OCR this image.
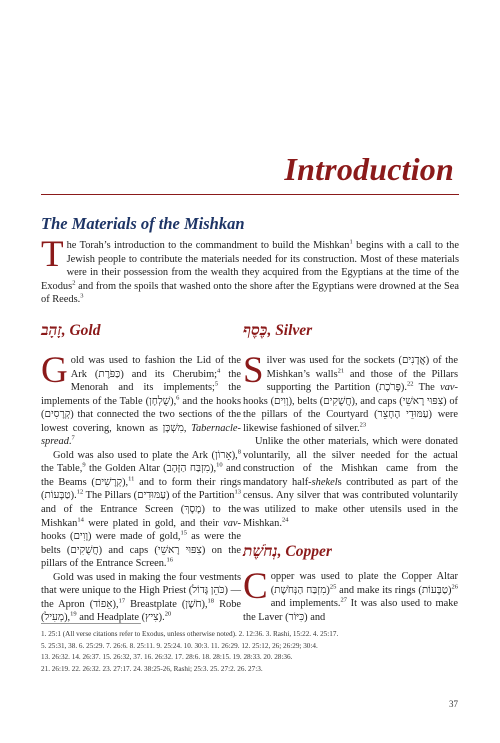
Introduction
The Materials of the Mishkan
The Torah’s introduction to the commandment to build the Mishkan$^1$ begins with a call to the Jewish people to contribute the materials needed for its construction. Most of these materials were in their possession from the wealth they acquired from the Egyptians at the time of the Exodus$^2$ and from the spoils that washed onto the shore after the Egyptians were drowned at the Sea of Reeds.$^3$
זָהָב, Gold

Gold was used to fashion the Lid of the Ark (כַּפֹּרֶת) and its Cherubim;$^4$ the Menorah and its implements;$^5$ the implements of the Table (שֻׁלְחָן),$^6$ and the hooks (קְרָסִים) that connected the two sections of the lowest covering, known as מִשְׁכָּן, Tabernacle-spread.$^7$

Gold was also used to plate the Ark (אָרוֹן),$^8$ the Table,$^9$ the Golden Altar (מִזְבַּח הַזָּהָב),$^{10}$ and the Beams (קְרָשִׁים),$^{11}$ and to form their rings (טַבָּעוֹת).$^{12}$ The Pillars (עַמּוּדִים) of the Partition$^{13}$ and of the Entrance Screen (מָסָךְ) to the Mishkan$^{14}$ were plated in gold, and their vav-hooks (וָוִים) were made of gold,$^{15}$ as were the belts (חֲשֻׁקִים) and caps (צִפּוּי רָאשֵׁי) on the pillars of the Entrance Screen.$^{16}$

Gold was used in making the four vestments that were unique to the High Priest (כֹּהֵן גָּדוֹל) — the Apron (אֵפוֹד),$^{17}$ Breastplate (חֹשֶׁן),$^{18}$ Robe (מְעִיל),$^{19}$ and Headplate (צִיץ).$^{20}$

כֶּסֶף, Silver

Silver was used for the sockets (אֲדָנִים) of the Mishkan’s walls$^{21}$ and those of the Pillars supporting the Partition (פָּרֹכֶת).$^{22}$ The vav-hooks (וָוִים), belts (חֲשֻׁקִים), and caps (צִפּוּי רָאשֵׁי) of the pillars of the Courtyard (עַמּוּדֵי הֶחָצֵר) were likewise fashioned of silver.$^{23}$

Unlike the other materials, which were donated voluntarily, all the silver needed for the actual construction of the Mishkan came from the mandatory half-shekels contributed as part of the census. Any silver that was contributed voluntarily was utilized to make other utensils used in the Mishkan.$^{24}$

נְחֹשֶׁת, Copper

Copper was used to plate the Copper Altar (מִזְבַּח הַנְּחֹשֶׁת)$^{25}$ and make its rings (טַבָּעוֹת)$^{26}$ and implements.$^{27}$ It was also used to make the Laver (כִּיּוֹר) and

1. 25:1 (All verse citations refer to Exodus, unless otherwise noted). 2. 12:36. 3. Rashi, 15:22. 4. 25:17.
5. 25:31, 38. 6. 25:29. 7. 26:6. 8. 25:11. 9. 25:24. 10. 30:3. 11. 26:29. 12. 25:12, 26; 26:29; 30:4.
13. 26:32. 14. 26:37. 15. 26:32, 37. 16. 26:32. 17. 28:6. 18. 28:15. 19. 28:33. 20. 28:36.
21. 26:19. 22. 26:32. 23. 27:17. 24. 38:25-26, Rashi; 25:3. 25. 27:2. 26. 27:3.
37
